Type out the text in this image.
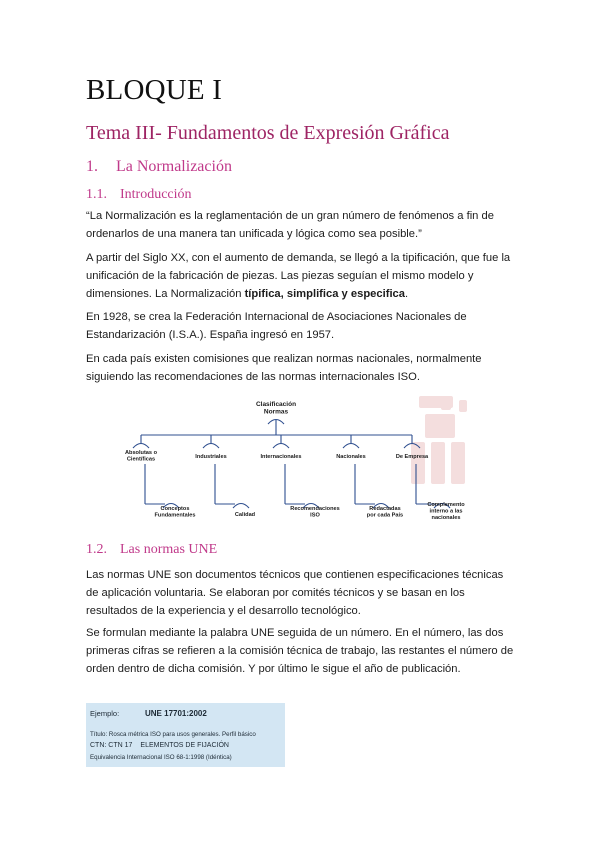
BLOQUE I
Tema III- Fundamentos de Expresión Gráfica
1. La Normalización
1.1. Introducción

“La Normalización es la reglamentación de un gran número de fenómenos a fin de ordenarlos de una manera tan unificada y lógica como sea posible.”

A partir del Siglo XX, con el aumento de demanda, se llegó a la tipificación, que fue la unificación de la fabricación de piezas. Las piezas seguían el mismo modelo y dimensiones. La Normalización típifica, simplifica y especifica.

En 1928, se crea la Federación Internacional de Asociaciones Nacionales de Estandarización (I.S.A.). España ingresó en 1957.

En cada país existen comisiones que realizan normas nacionales, normalmente siguiendo las recomendaciones de las normas internacionales ISO.

Clasificación Normas
Absolutas o Científicas
Conceptos Fundamentales
Industriales
Calidad
Internacionales
Recomendaciones ISO
Nacionales
Redactadas por cada País
De Empresa
Complemento interno a las nacionales
1.2. Las normas UNE

Las normas UNE son documentos técnicos que contienen especificaciones técnicas de aplicación voluntaria. Se elaboran por comités técnicos y se basan en los resultados de la experiencia y el desarrollo tecnológico.

Se formulan mediante la palabra UNE seguida de un número. En el número, las dos primeras cifras se refieren a la comisión técnica de trabajo, las restantes el número de orden dentro de dicha comisión. Y por último le sigue el año de publicación.

Ejemplo:	UNE 17701:2002
Título: Rosca métrica ISO para usos generales. Perfil básico
CTN: CTN 17 ELEMENTOS DE FIJACIÓN
Equivalencia Internacional ISO 68-1:1998 (Idéntica)
